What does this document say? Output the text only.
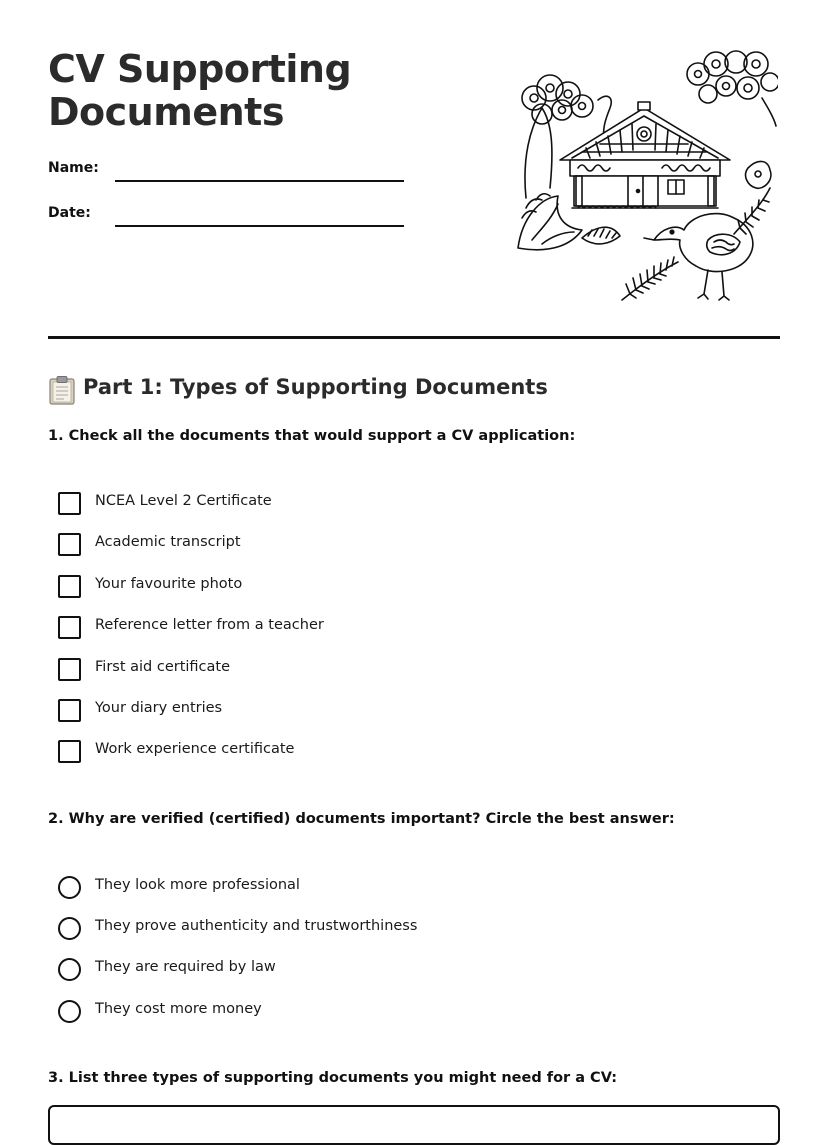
CV Supporting
Documents
Name:
Date:
Part 1: Types of Supporting Documents
1. Check all the documents that would support a CV application:
NCEA Level 2 Certificate
Academic transcript
Your favourite photo
Reference letter from a teacher
First aid certificate
Your diary entries
Work experience certificate
2. Why are verified (certified) documents important? Circle the best answer:
They look more professional
They prove authenticity and trustworthiness
They are required by law
They cost more money
3. List three types of supporting documents you might need for a CV:
